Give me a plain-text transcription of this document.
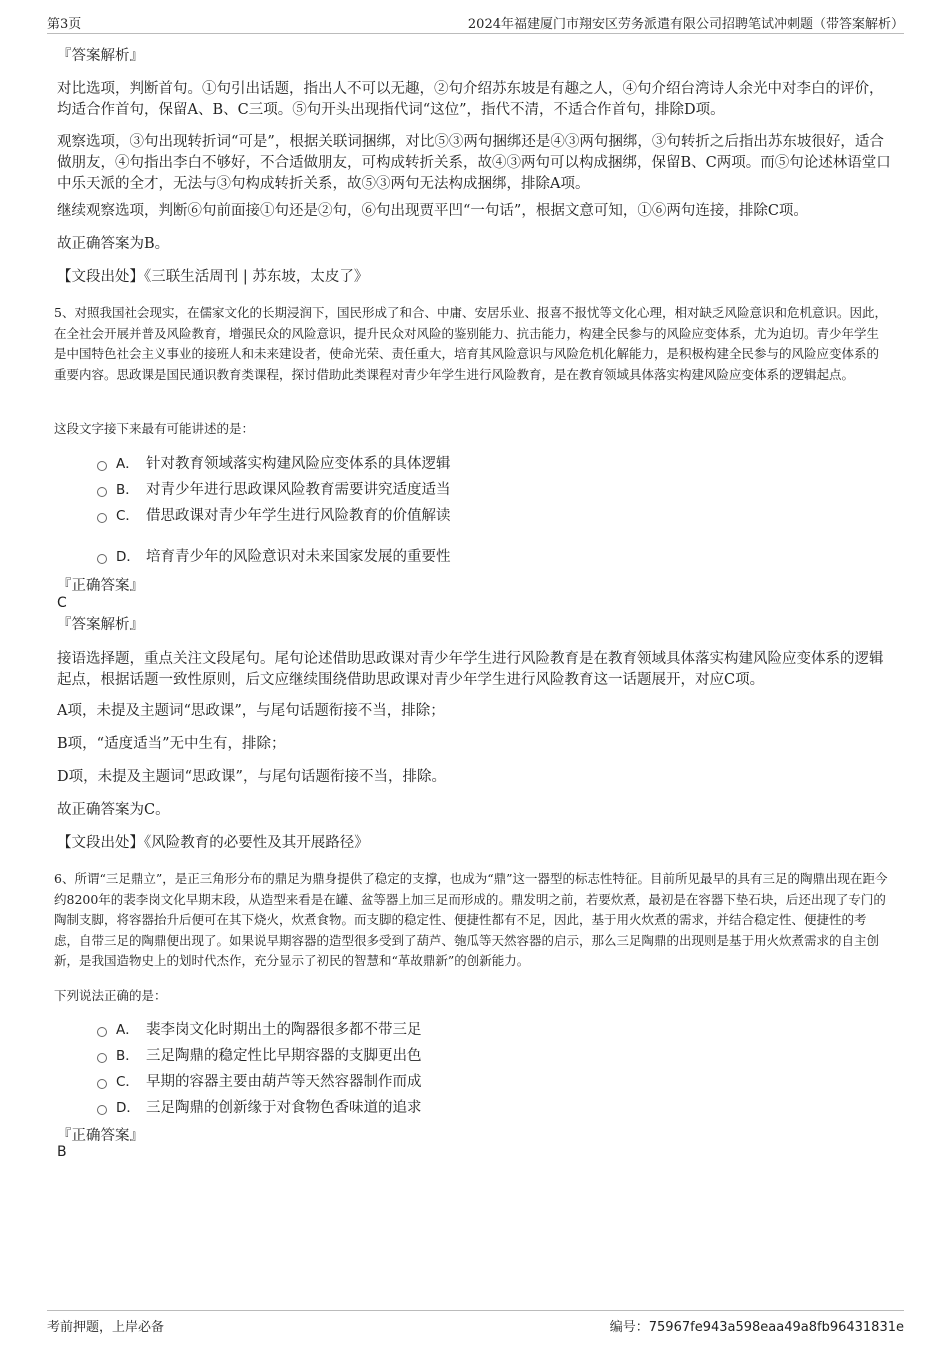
第3页	2024年福建厦门市翔安区劳务派遣有限公司招聘笔试冲刺题（带答案解析）
『答案解析』

对比选项，判断首句。①句引出话题，指出人不可以无趣，②句介绍苏东坡是有趣之人，④句介绍台湾诗人余光中对李白的评价，均适合作首句，保留A、B、C三项。⑤句开头出现指代词“这位”，指代不清，不适合作首句，排除D项。

观察选项，③句出现转折词“可是”，根据关联词捆绑，对比⑤③两句捆绑还是④③两句捆绑，③句转折之后指出苏东坡很好，适合做朋友，④句指出李白不够好，不合适做朋友，可构成转折关系，故④③两句可以构成捆绑，保留B、C两项。而⑤句论述林语堂口中乐天派的全才，无法与③句构成转折关系，故⑤③两句无法构成捆绑，排除A项。

继续观察选项，判断⑥句前面接①句还是②句，⑥句出现贾平凹“一句话”，根据文意可知，①⑥两句连接，排除C项。

故正确答案为B。

【文段出处】《三联生活周刊 | 苏东坡，太皮了》

5、对照我国社会现实，在儒家文化的长期浸润下，国民形成了和合、中庸、安居乐业、报喜不报忧等文化心理，相对缺乏风险意识和危机意识。因此，在全社会开展并普及风险教育，增强民众的风险意识，提升民众对风险的鉴别能力、抗击能力，构建全民参与的风险应变体系，尤为迫切。青少年学生是中国特色社会主义事业的接班人和未来建设者，使命光荣、责任重大，培育其风险意识与风险危机化解能力，是积极构建全民参与的风险应变体系的重要内容。思政课是国民通识教育类课程，探讨借助此类课程对青少年学生进行风险教育，是在教育领域具体落实构建风险应变体系的逻辑起点。

这段文字接下来最有可能讲述的是：

A． 针对教育领域落实构建风险应变体系的具体逻辑
B． 对青少年进行思政课风险教育需要讲究适度适当
C． 借思政课对青少年学生进行风险教育的价值解读
D． 培育青少年的风险意识对未来国家发展的重要性
『正确答案』
C
『答案解析』

接语选择题，重点关注文段尾句。尾句论述借助思政课对青少年学生进行风险教育是在教育领域具体落实构建风险应变体系的逻辑起点，根据话题一致性原则，后文应继续围绕借助思政课对青少年学生进行风险教育这一话题展开，对应C项。

A项，未提及主题词“思政课”，与尾句话题衔接不当，排除；

B项，“适度适当”无中生有，排除；

D项，未提及主题词“思政课”，与尾句话题衔接不当，排除。

故正确答案为C。

【文段出处】《风险教育的必要性及其开展路径》

6、所谓“三足鼎立”，是正三角形分布的鼎足为鼎身提供了稳定的支撑，也成为“鼎”这一器型的标志性特征。目前所见最早的具有三足的陶鼎出现在距今约8200年的裴李岗文化早期末段，从造型来看是在罐、盆等器上加三足而形成的。鼎发明之前，若要炊煮，最初是在容器下垫石块，后还出现了专门的陶制支脚，将容器抬升后便可在其下烧火，炊煮食物。而支脚的稳定性、便捷性都有不足，因此，基于用火炊煮的需求，并结合稳定性、便捷性的考虑，自带三足的陶鼎便出现了。如果说早期容器的造型很多受到了葫芦、匏瓜等天然容器的启示，那么三足陶鼎的出现则是基于用火炊煮需求的自主创新，是我国造物史上的划时代杰作，充分显示了初民的智慧和“革故鼎新”的创新能力。

下列说法正确的是：

A． 裴李岗文化时期出土的陶器很多都不带三足
B． 三足陶鼎的稳定性比早期容器的支脚更出色
C． 早期的容器主要由葫芦等天然容器制作而成
D． 三足陶鼎的创新缘于对食物色香味道的追求
『正确答案』
B
考前押题，上岸必备	编号：75967fe943a598eaa49a8fb96431831e
